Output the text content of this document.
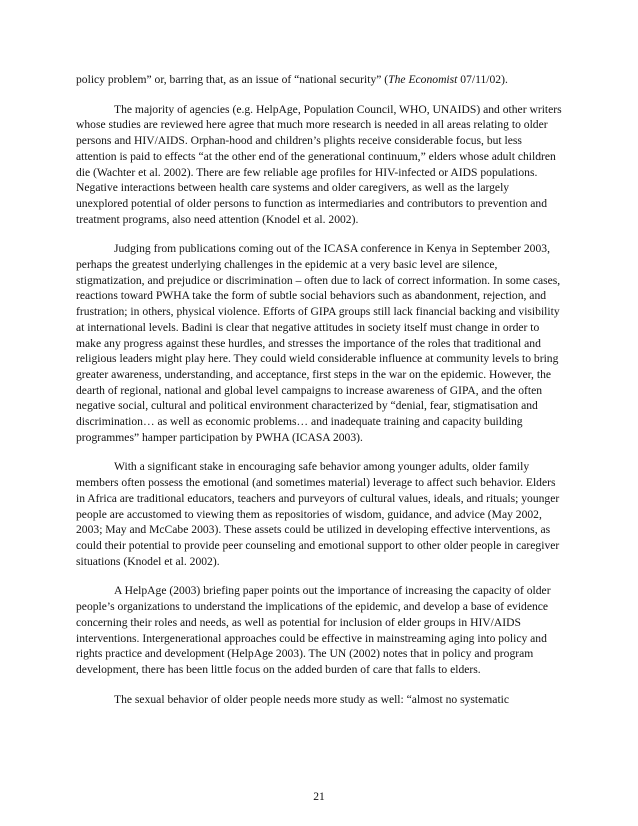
policy problem” or, barring that, as an issue of “national security” (The Economist 07/11/02).

The majority of agencies (e.g. HelpAge, Population Council, WHO, UNAIDS) and other writers whose studies are reviewed here agree that much more research is needed in all areas relating to older persons and HIV/AIDS. Orphan-hood and children’s plights receive considerable focus, but less attention is paid to effects “at the other end of the generational continuum,” elders whose adult children die (Wachter et al. 2002). There are few reliable age profiles for HIV-infected or AIDS populations. Negative interactions between health care systems and older caregivers, as well as the largely unexplored potential of older persons to function as intermediaries and contributors to prevention and treatment programs, also need attention (Knodel et al. 2002).

Judging from publications coming out of the ICASA conference in Kenya in September 2003, perhaps the greatest underlying challenges in the epidemic at a very basic level are silence, stigmatization, and prejudice or discrimination – often due to lack of correct information. In some cases, reactions toward PWHA take the form of subtle social behaviors such as abandonment, rejection, and frustration; in others, physical violence. Efforts of GIPA groups still lack financial backing and visibility at international levels. Badini is clear that negative attitudes in society itself must change in order to make any progress against these hurdles, and stresses the importance of the roles that traditional and religious leaders might play here. They could wield considerable influence at community levels to bring greater awareness, understanding, and acceptance, first steps in the war on the epidemic. However, the dearth of regional, national and global level campaigns to increase awareness of GIPA, and the often negative social, cultural and political environment characterized by “denial, fear, stigmatisation and discrimination… as well as economic problems… and inadequate training and capacity building programmes” hamper participation by PWHA (ICASA 2003).

With a significant stake in encouraging safe behavior among younger adults, older family members often possess the emotional (and sometimes material) leverage to affect such behavior. Elders in Africa are traditional educators, teachers and purveyors of cultural values, ideals, and rituals; younger people are accustomed to viewing them as repositories of wisdom, guidance, and advice (May 2002, 2003; May and McCabe 2003). These assets could be utilized in developing effective interventions, as could their potential to provide peer counseling and emotional support to other older people in caregiver situations (Knodel et al. 2002).

A HelpAge (2003) briefing paper points out the importance of increasing the capacity of older people’s organizations to understand the implications of the epidemic, and develop a base of evidence concerning their roles and needs, as well as potential for inclusion of elder groups in HIV/AIDS interventions. Intergenerational approaches could be effective in mainstreaming aging into policy and rights practice and development (HelpAge 2003). The UN (2002) notes that in policy and program development, there has been little focus on the added burden of care that falls to elders.

The sexual behavior of older people needs more study as well: “almost no systematic

21
